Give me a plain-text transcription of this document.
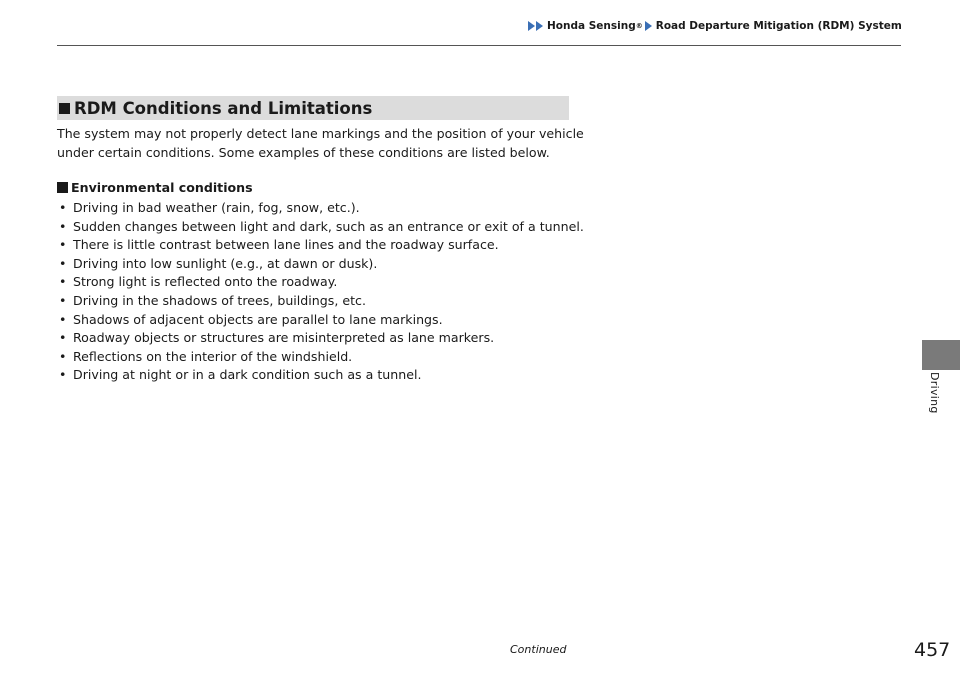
Honda Sensing ® Road Departure Mitigation (RDM) System
RDM Conditions and Limitations

The system may not properly detect lane markings and the position of your vehicle under certain conditions. Some examples of these conditions are listed below.

Environmental conditions
• Driving in bad weather (rain, fog, snow, etc.).
• Sudden changes between light and dark, such as an entrance or exit of a tunnel.
• There is little contrast between lane lines and the roadway surface.
• Driving into low sunlight (e.g., at dawn or dusk).
• Strong light is reflected onto the roadway.
• Driving in the shadows of trees, buildings, etc.
• Shadows of adjacent objects are parallel to lane markings.
• Roadway objects or structures are misinterpreted as lane markers.
• Reflections on the interior of the windshield.
• Driving at night or in a dark condition such as a tunnel.	Driving
Continued	457
